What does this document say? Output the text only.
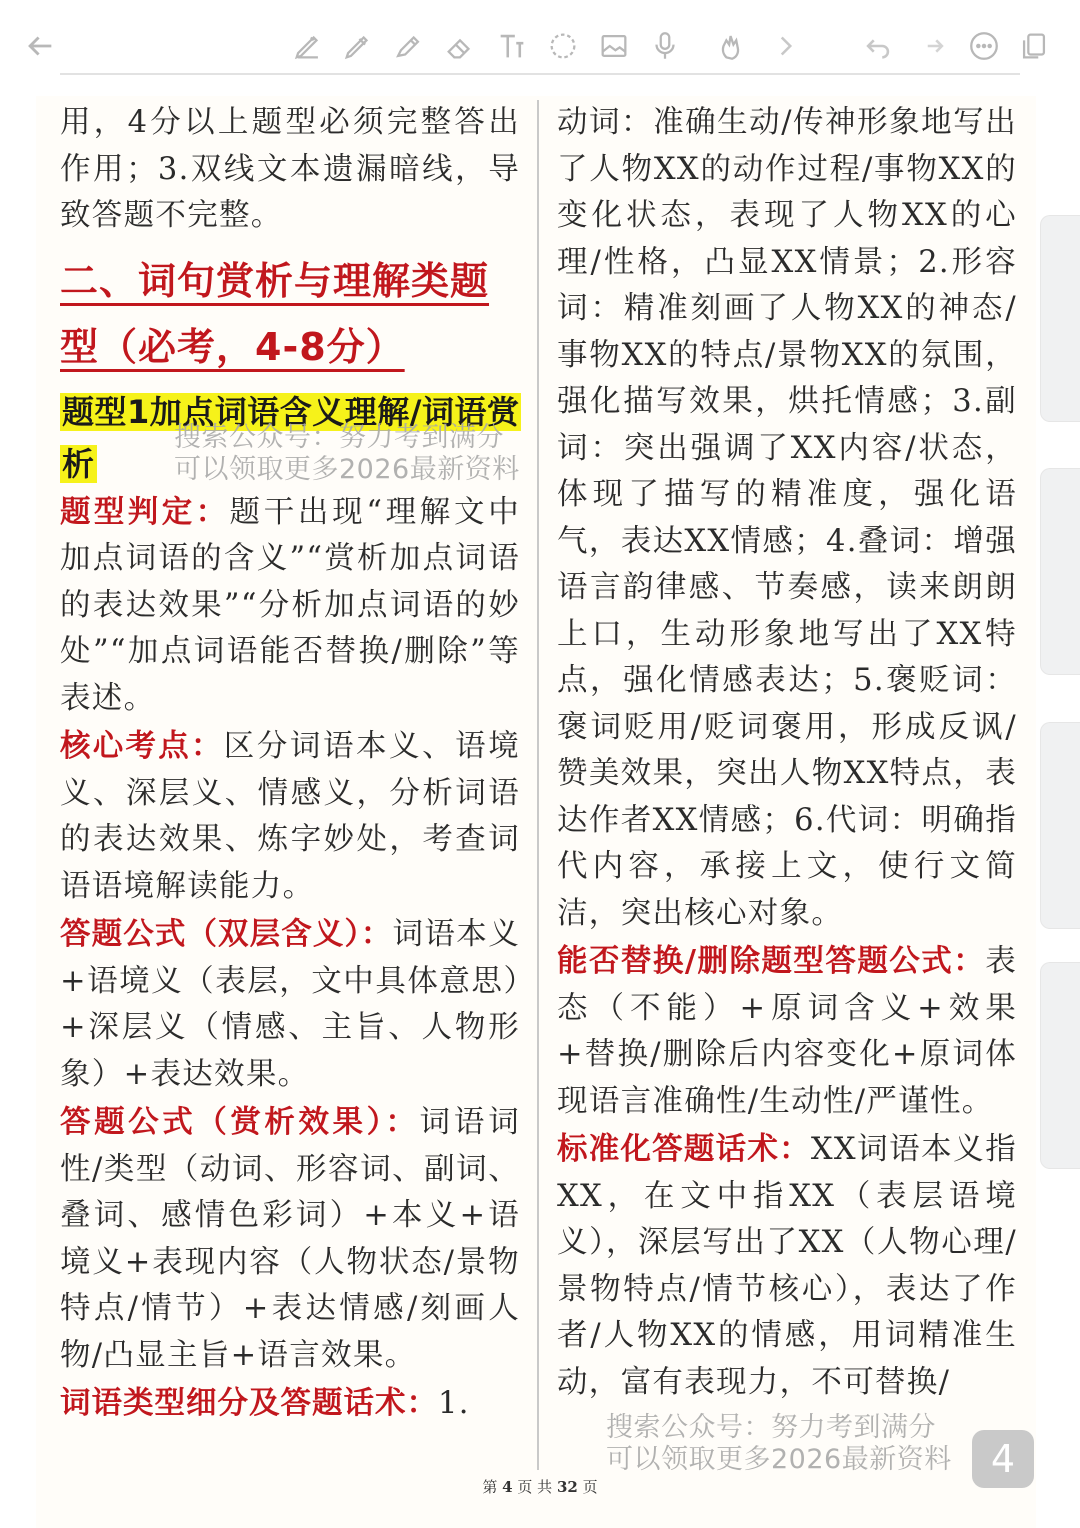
用，4分以上题型必须完整答出作用；3.双线文本遗漏暗线，导致答题不完整。

二、词句赏析与理解类题型（必考，4-8分）
题型1加点词语含义理解/词语赏析

题型判定：题干出现“理解文中加点词语的含义”“赏析加点词语的表达效果”“分析加点词语的妙处”“加点词语能否替换/删除”等表述。

核心考点：区分词语本义、语境义、深层义、情感义，分析词语的表达效果、炼字妙处，考查词语语境解读能力。

答题公式（双层含义）：词语本义+语境义（表层，文中具体意思）+深层义（情感、主旨、人物形象）+表达效果。

答题公式（赏析效果）：词语词性/类型（动词、形容词、副词、叠词、感情色彩词）+本义+语境义+表现内容（人物状态/景物特点/情节）+表达情感/刻画人物/凸显主旨+语言效果。

词语类型细分及答题话术：1.

动词：准确生动/传神形象地写出了人物XX的动作过程/事物XX的变化状态，表现了人物XX的心理/性格，凸显XX情景；2.形容词：精准刻画了人物XX的神态/事物XX的特点/景物XX的氛围，强化描写效果，烘托情感；3.副词：突出强调了XX内容/状态，体现了描写的精准度，强化语气，表达XX情感；4.叠词：增强语言韵律感、节奏感，读来朗朗上口，生动形象地写出了XX特点，强化情感表达；5.褒贬词：褒词贬用/贬词褒用，形成反讽/赞美效果，突出人物XX特点，表达作者XX情感；6.代词：明确指代内容，承接上文，使行文简洁，突出核心对象。

能否替换/删除题型答题公式：表态（不能）+原词含义+效果+替换/删除后内容变化+原词体现语言准确性/生动性/严谨性。

标准化答题话术：XX词语本义指XX，在文中指XX（表层语境义），深层写出了XX（人物心理/景物特点/情节核心），表达了作者/人物XX的情感，用词精准生动，富有表现力，不可替换/

搜索公众号：努力考到满分
可以领取更多2026最新资料
搜索公众号：努力考到满分
可以领取更多2026最新资料	4
第 4 页 共 32 页
